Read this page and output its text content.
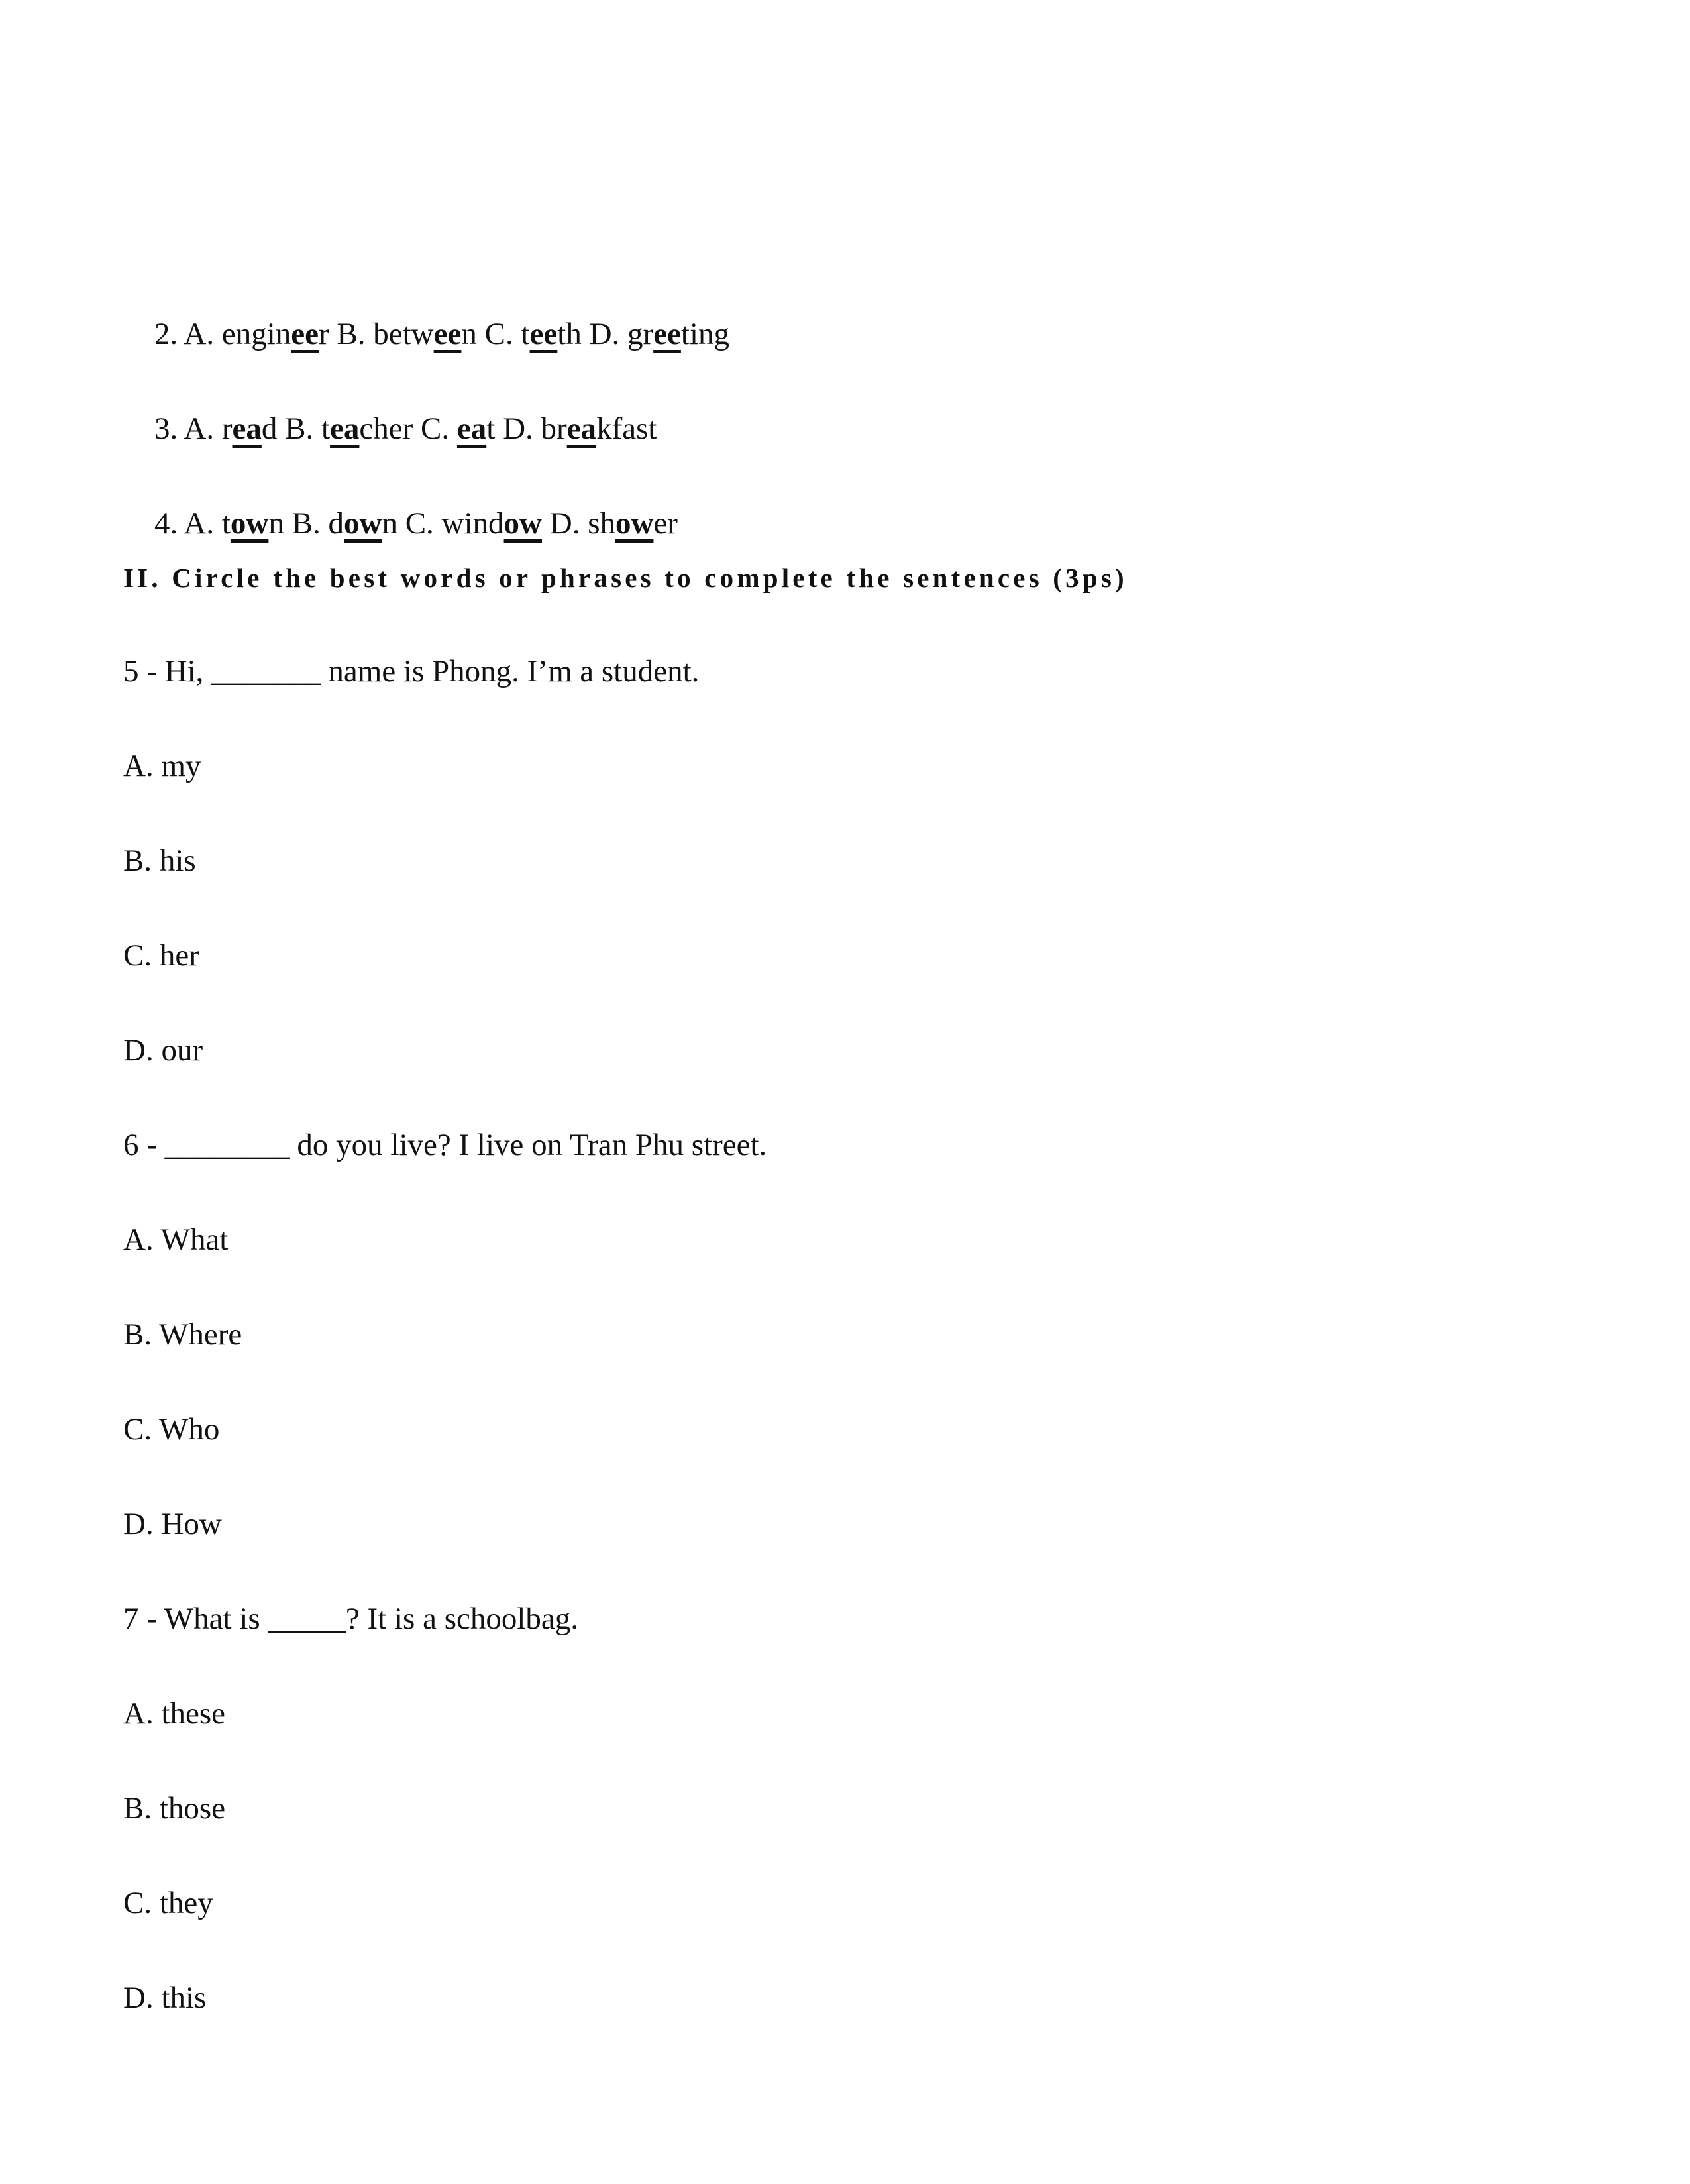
2. A. engineer B. between C. teeth D. greeting

3. A. read B. teacher C. eat D. breakfast

4. A. town B. down C. window D. shower

II. Circle the best words or phrases to complete the sentences (3ps)
5 - Hi, _______ name is Phong. I’m a student.
A. my
B. his
C. her
D. our
6 - ________ do you live? I live on Tran Phu street.
A. What
B. Where
C. Who
D. How
7 - What is _____? It is a schoolbag.
A. these
B. those
C. they
D. this
